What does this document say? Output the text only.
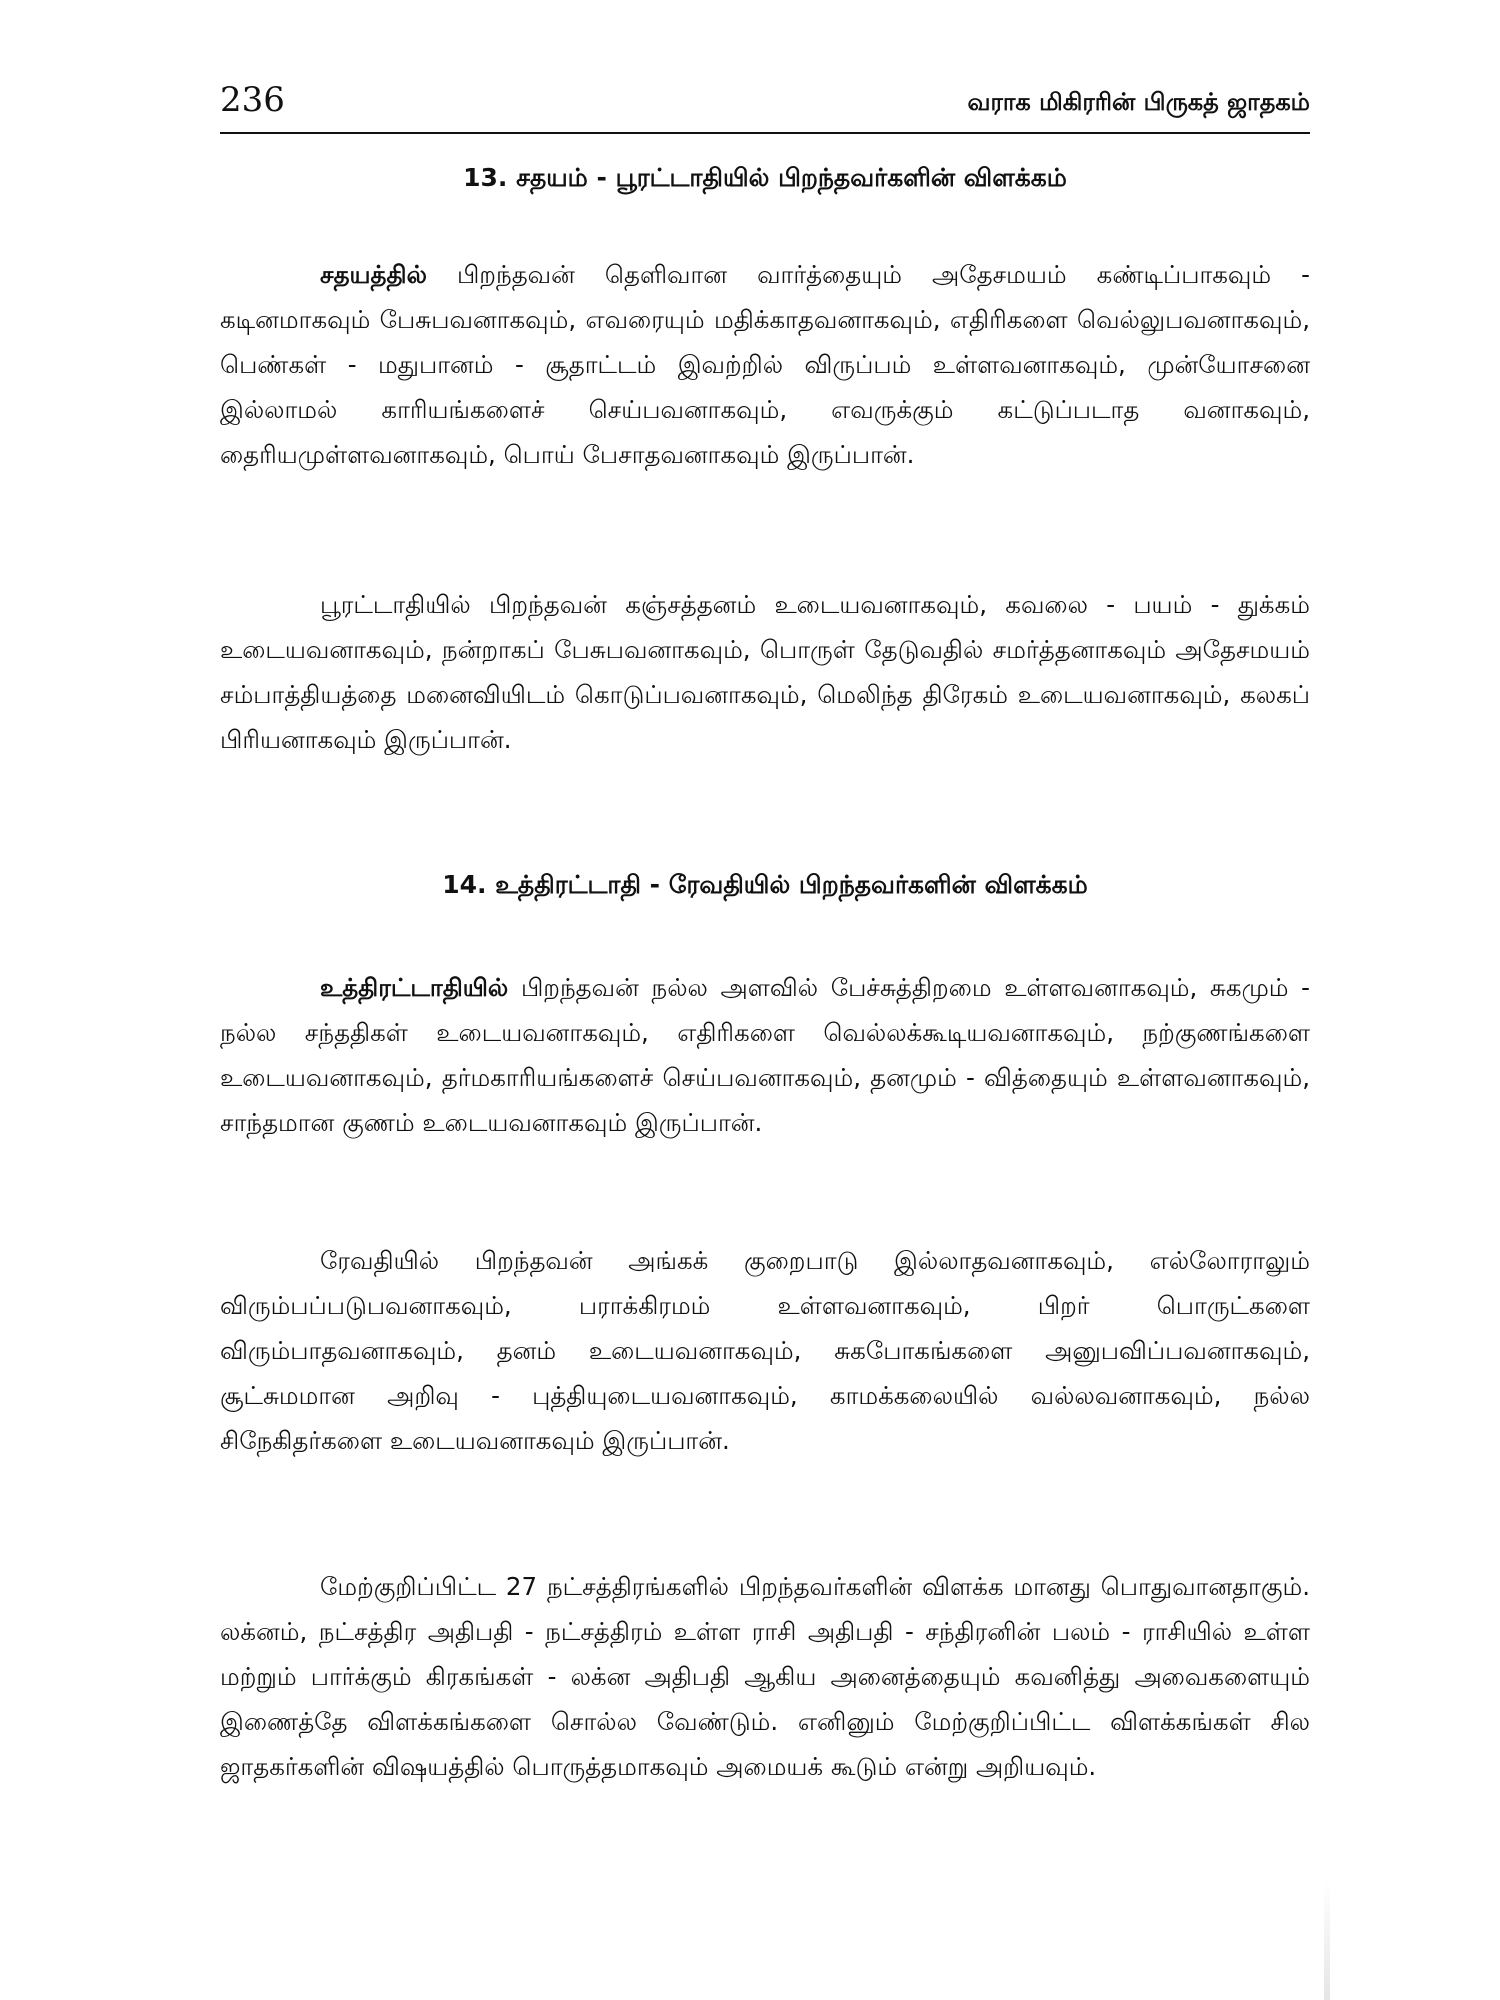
236	வராக மிகிரரின் பிருகத் ஜாதகம்
13. சதயம் - பூரட்டாதியில் பிறந்தவர்களின் விளக்கம்

சதயத்தில் பிறந்தவன் தெளிவான வார்த்தையும் அதேசமயம் கண்டிப்பாகவும் - கடினமாகவும் பேசுபவனாகவும், எவரையும் மதிக்காதவனாகவும், எதிரிகளை வெல்லுபவனாகவும், பெண்கள் - மதுபானம் - சூதாட்டம் இவற்றில் விருப்பம் உள்ளவனாகவும், முன்யோசனை இல்லாமல் காரியங்களைச் செய்பவனாகவும், எவருக்கும் கட்டுப்படாத வனாகவும், தைரியமுள்ளவனாகவும், பொய் பேசாதவனாகவும் இருப்பான்.

பூரட்டாதியில் பிறந்தவன் கஞ்சத்தனம் உடையவனாகவும், கவலை - பயம் - துக்கம் உடையவனாகவும், நன்றாகப் பேசுபவனாகவும், பொருள் தேடுவதில் சமர்த்தனாகவும் அதேசமயம் சம்பாத்தியத்தை மனைவியிடம் கொடுப்பவனாகவும், மெலிந்த திரேகம் உடையவனாகவும், கலகப் பிரியனாகவும் இருப்பான்.

14. உத்திரட்டாதி - ரேவதியில் பிறந்தவர்களின் விளக்கம்

உத்திரட்டாதியில் பிறந்தவன் நல்ல அளவில் பேச்சுத்திறமை உள்ளவனாகவும், சுகமும் - நல்ல சந்ததிகள் உடையவனாகவும், எதிரிகளை வெல்லக்கூடியவனாகவும், நற்குணங்களை உடையவனாகவும், தர்மகாரியங்களைச் செய்பவனாகவும், தனமும் - வித்தையும் உள்ளவனாகவும், சாந்தமான குணம் உடையவனாகவும் இருப்பான்.

ரேவதியில் பிறந்தவன் அங்கக் குறைபாடு இல்லாதவனாகவும், எல்லோராலும் விரும்பப்படுபவனாகவும், பராக்கிரமம் உள்ளவனாகவும், பிறர் பொருட்களை விரும்பாதவனாகவும், தனம் உடையவனாகவும், சுகபோகங்களை அனுபவிப்பவனாகவும், சூட்சுமமான அறிவு - புத்தியுடையவனாகவும், காமக்கலையில் வல்லவனாகவும், நல்ல சிநேகிதர்களை உடையவனாகவும் இருப்பான்.

மேற்குறிப்பிட்ட 27 நட்சத்திரங்களில் பிறந்தவர்களின் விளக்க மானது பொதுவானதாகும். லக்னம், நட்சத்திர அதிபதி - நட்சத்திரம் உள்ள ராசி அதிபதி - சந்திரனின் பலம் - ராசியில் உள்ள மற்றும் பார்க்கும் கிரகங்கள் - லக்ன அதிபதி ஆகிய அனைத்தையும் கவனித்து அவைகளையும் இணைத்தே விளக்கங்களை சொல்ல வேண்டும். எனினும் மேற்குறிப்பிட்ட விளக்கங்கள் சில ஜாதகர்களின் விஷயத்தில் பொருத்தமாகவும் அமையக் கூடும் என்று அறியவும்.
